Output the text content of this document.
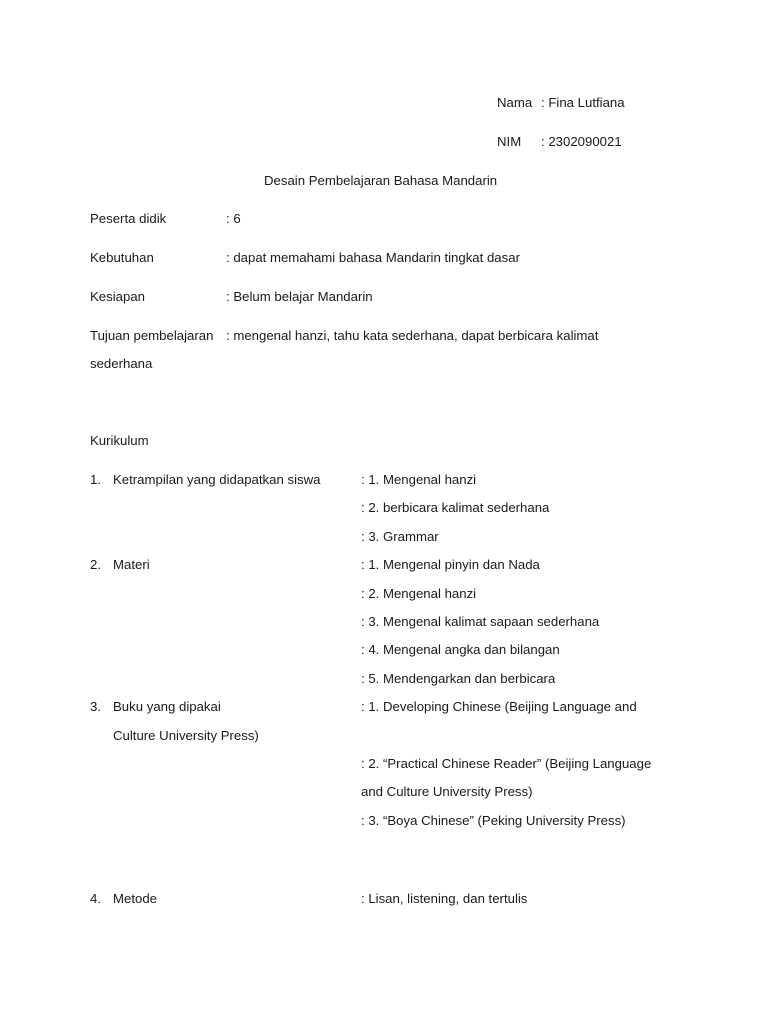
Nama : Fina Lutfiana
NIM : 2302090021
Desain Pembelajaran Bahasa Mandarin
Peserta didik	: 6
Kebutuhan	: dapat memahami bahasa Mandarin tingkat dasar
Kesiapan	: Belum belajar Mandarin
Tujuan pembelajaran : mengenal hanzi, tahu kata sederhana, dapat berbicara kalimat
sederhana
Kurikulum
1. Ketrampilan yang didapatkan siswa	: 1. Mengenal hanzi
: 2. berbicara kalimat sederhana
: 3. Grammar
2. Materi	: 1. Mengenal pinyin dan Nada
: 2. Mengenal hanzi
: 3. Mengenal kalimat sapaan sederhana
: 4. Mengenal angka dan bilangan
: 5. Mendengarkan dan berbicara
3. Buku yang dipakai	: 1. Developing Chinese (Beijing Language and
Culture University Press)
: 2. “Practical Chinese Reader” (Beijing Language
and Culture University Press)
: 3. “Boya Chinese” (Peking University Press)
4. Metode	: Lisan, listening, dan tertulis
